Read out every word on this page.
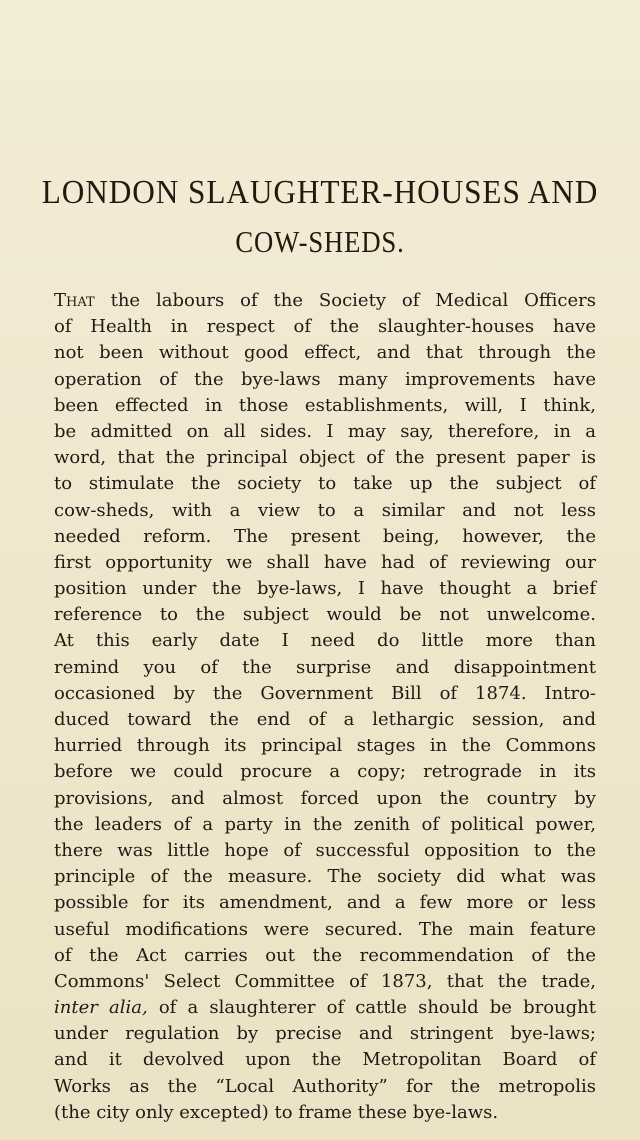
LONDON SLAUGHTER-HOUSES AND
COW-SHEDS.
That the labours of the Society of Medical Officers
of Health in respect of the slaughter-houses have
not been without good effect, and that through the
operation of the bye-laws many improvements have
been effected in those establishments, will, I think,
be admitted on all sides. I may say, therefore, in a
word, that the principal object of the present paper is
to stimulate the society to take up the subject of
cow-sheds, with a view to a similar and not less
needed reform. The present being, however, the
first opportunity we shall have had of reviewing our
position under the bye-laws, I have thought a brief
reference to the subject would be not unwelcome.
At this early date I need do little more than
remind you of the surprise and disappointment
occasioned by the Government Bill of 1874. Intro-
duced toward the end of a lethargic session, and
hurried through its principal stages in the Commons
before we could procure a copy; retrograde in its
provisions, and almost forced upon the country by
the leaders of a party in the zenith of political power,
there was little hope of successful opposition to the
principle of the measure. The society did what was
possible for its amendment, and a few more or less
useful modifications were secured. The main feature
of the Act carries out the recommendation of the
Commons' Select Committee of 1873, that the trade,
inter alia, of a slaughterer of cattle should be brought
under regulation by precise and stringent bye-laws;
and it devolved upon the Metropolitan Board of
Works as the “Local Authority” for the metropolis
(the city only excepted) to frame these bye-laws.
